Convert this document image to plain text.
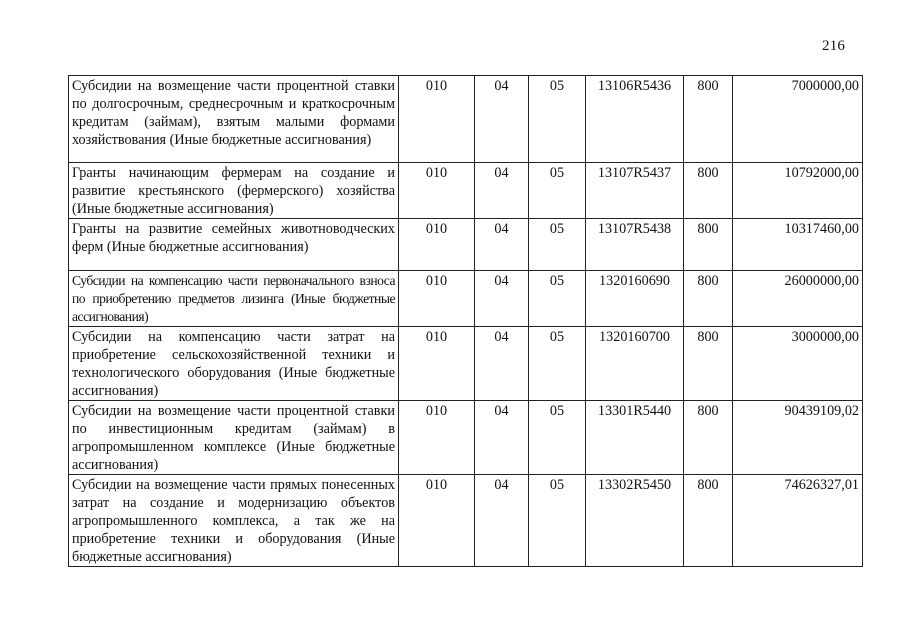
216
Субсидии на возмещение части процентной ставки по долгосрочным, среднесрочным и краткосрочным кредитам (займам), взятым малыми формами хозяйствования (Иные бюджетные ассигнования)	010	04	05	13106R5436	800	7000000,00
Гранты начинающим фермерам на создание и развитие крестьянского (фермерского) хозяйства (Иные бюджетные ассигнования)	010	04	05	13107R5437	800	10792000,00
Гранты на развитие семейных животноводческих ферм (Иные бюджетные ассигнования)	010	04	05	13107R5438	800	10317460,00
Субсидии на компенсацию части первоначального взноса по приобретению предметов лизинга (Иные бюджетные ассигнования)	010	04	05	1320160690	800	26000000,00
Субсидии на компенсацию части затрат на приобретение сельскохозяйственной техники и технологического оборудования (Иные бюджетные ассигнования)	010	04	05	1320160700	800	3000000,00
Субсидии на возмещение части процентной ставки по инвестиционным кредитам (займам) в агропромышленном комплексе (Иные бюджетные ассигнования)	010	04	05	13301R5440	800	90439109,02
Субсидии на возмещение части прямых понесенных затрат на создание и модернизацию объектов агропромышленного комплекса, а так же на приобретение техники и оборудования (Иные бюджетные ассигнования)	010	04	05	13302R5450	800	74626327,01
